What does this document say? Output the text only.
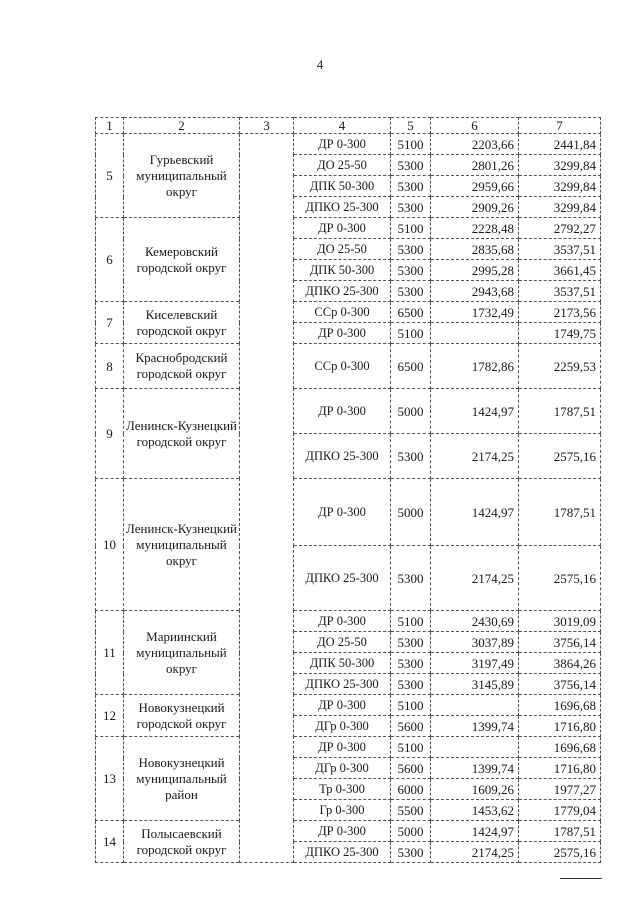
4
1	2	3	4	5	6	7
5	Гурьевский муниципальный округ		ДР 0-300	5100	2203,66	2441,84
			ДО 25-50	5300	2801,26	3299,84
			ДПК 50-300	5300	2959,66	3299,84
			ДПКО 25-300	5300	2909,26	3299,84
6	Кемеровский городской округ		ДР 0-300	5100	2228,48	2792,27
			ДО 25-50	5300	2835,68	3537,51
			ДПК 50-300	5300	2995,28	3661,45
			ДПКО 25-300	5300	2943,68	3537,51
7	Киселевский городской округ		ССр 0-300	6500	1732,49	2173,56
			ДР 0-300	5100		1749,75
8	Краснобродский городской округ		ССр 0-300	6500	1782,86	2259,53
9	Ленинск-Кузнецкий городской округ		ДР 0-300	5000	1424,97	1787,51
			ДПКО 25-300	5300	2174,25	2575,16
10	Ленинск-Кузнецкий муниципальный округ		ДР 0-300	5000	1424,97	1787,51
			ДПКО 25-300	5300	2174,25	2575,16
11	Мариинский муниципальный округ		ДР 0-300	5100	2430,69	3019,09
			ДО 25-50	5300	3037,89	3756,14
			ДПК 50-300	5300	3197,49	3864,26
			ДПКО 25-300	5300	3145,89	3756,14
12	Новокузнецкий городской округ		ДР 0-300	5100		1696,68
			ДГр 0-300	5600	1399,74	1716,80
13	Новокузнецкий муниципальный район		ДР 0-300	5100		1696,68
			ДГр 0-300	5600	1399,74	1716,80
			Тр 0-300	6000	1609,26	1977,27
			Гр 0-300	5500	1453,62	1779,04
14	Полысаевский городской округ		ДР 0-300	5000	1424,97	1787,51
			ДПКО 25-300	5300	2174,25	2575,16
